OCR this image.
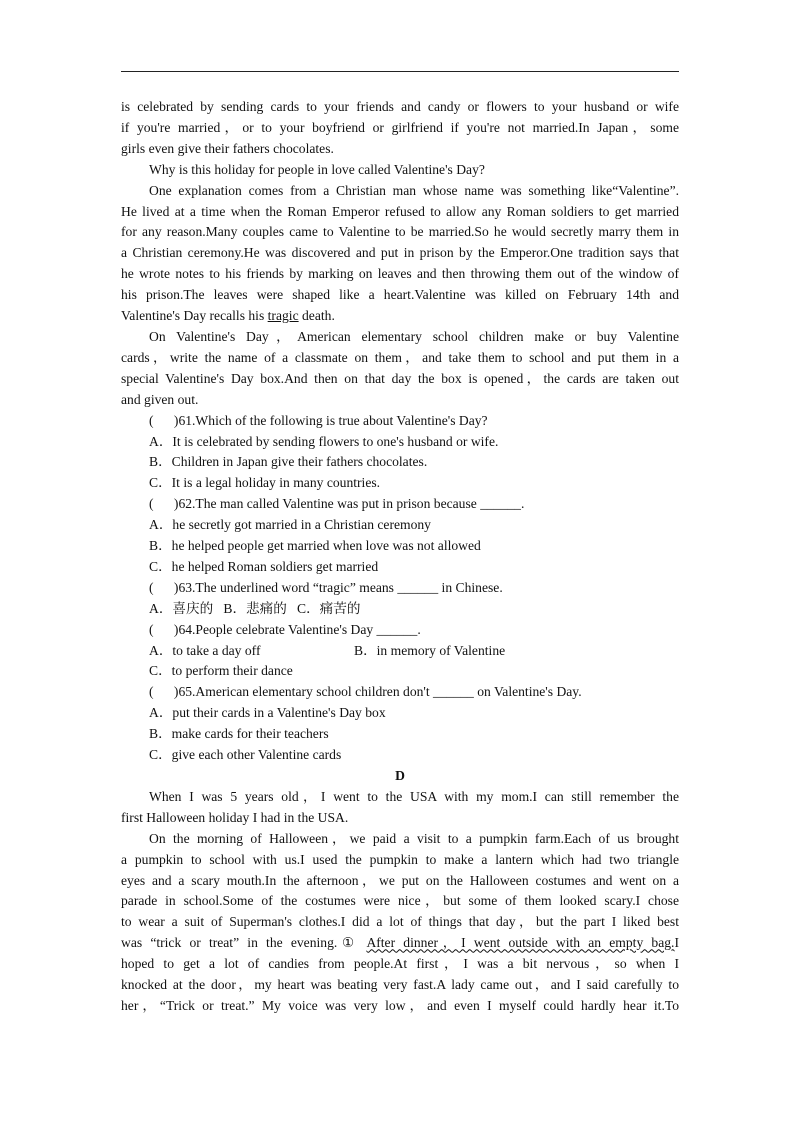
is celebrated by sending cards to your friends and candy or flowers to your husband or wife

if you're married，or to your boyfriend or girlfriend if you're not married.In Japan，some

girls even give their fathers chocolates.

Why is this holiday for people in love called Valentine's Day?

One explanation comes from a Christian man whose name was something like“Valentine”.

He lived at a time when the Roman Emperor refused to allow any Roman soldiers to get married

for any reason.Many couples came to Valentine to be married.So he would secretly marry them in

a Christian ceremony.He was discovered and put in prison by the Emperor.One tradition says that

he wrote notes to his friends by marking on leaves and then throwing them out of the window of

his prison.The leaves were shaped like a heart.Valentine was killed on February 14th and

Valentine's Day recalls his tragic death.

On Valentine's Day，American elementary school children make or buy Valentine

cards，write the name of a classmate on them，and take them to school and put them in a

special Valentine's Day box.And then on that day the box is opened，the cards are taken out

and given out.

(      )61.Which of the following is true about Valentine's Day?

A．It is celebrated by sending flowers to one's husband or wife.

B．Children in Japan give their fathers chocolates.

C．It is a legal holiday in many countries.

(      )62.The man called Valentine was put in prison because ______.

A．he secretly got married in a Christian ceremony

B．he helped people get married when love was not allowed

C．he helped Roman soldiers get married

(      )63.The underlined word “tragic” means ______ in Chinese.

A．喜庆的   B．悲痛的   C．痛苦的

(      )64.People celebrate Valentine's Day ______.

A．to take a day off	B．in memory of Valentine

C．to perform their dance

(      )65.American elementary school children don't ______ on Valentine's Day.

A．put their cards in a Valentine's Day box

B．make cards for their teachers

C．give each other Valentine cards

D

When I was 5 years old，I went to the USA with my mom.I can still remember the

first Halloween holiday I had in the USA.

On the morning of Halloween，we paid a visit to a pumpkin farm.Each of us brought

a pumpkin to school with us.I used the pumpkin to make a lantern which had two triangle

eyes and a scary mouth.In the afternoon，we put on the Halloween costumes and went on a

parade in school.Some of the costumes were nice，but some of them looked scary.I chose

to wear a suit of Superman's clothes.I did a lot of things that day，but the part I liked best

was “trick or treat” in the evening.① After dinner，I went outside with an empty bag.I

hoped to get a lot of candies from people.At first，I was a bit nervous，so when I

knocked at the door，my heart was beating very fast.A lady came out，and I said carefully to

her，“Trick or treat.” My voice was very low，and even I myself could hardly hear it.To
